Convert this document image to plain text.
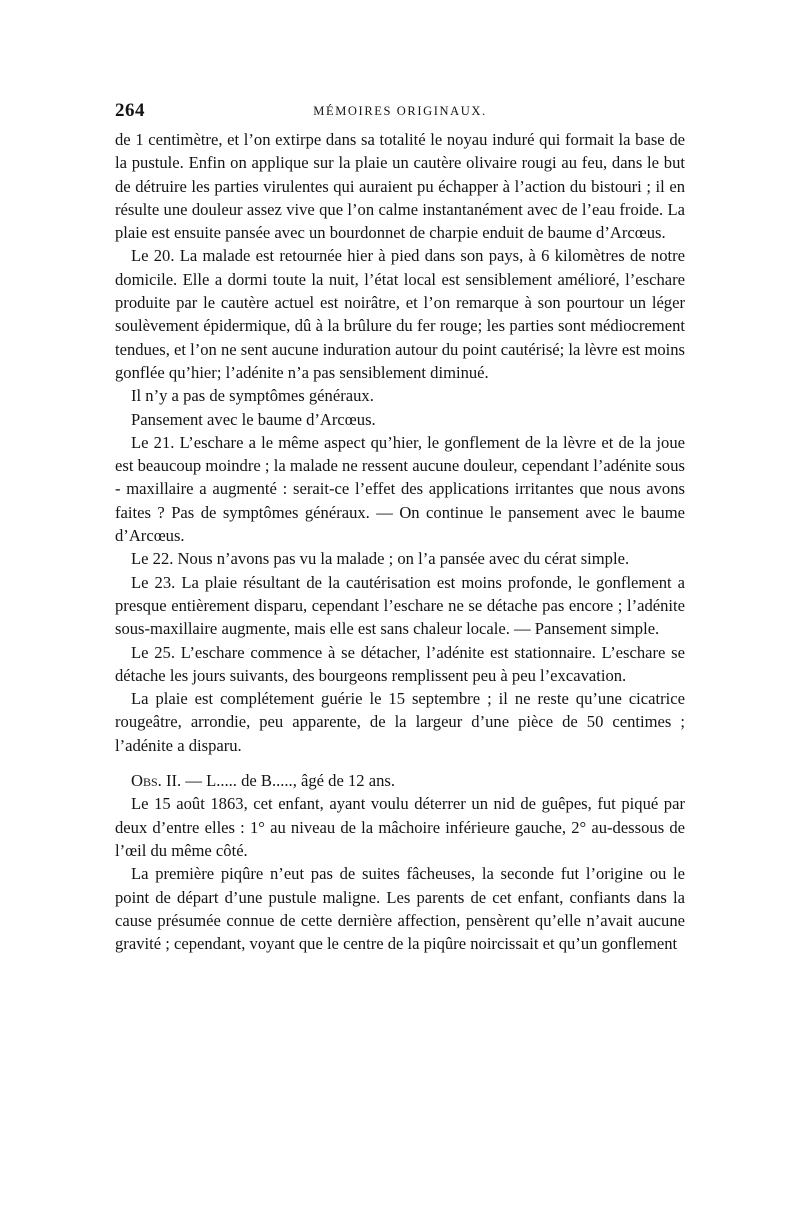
264	MÉMOIRES ORIGINAUX.

de 1 centimètre, et l’on extirpe dans sa totalité le noyau induré qui formait la base de la pustule. Enfin on applique sur la plaie un cautère olivaire rougi au feu, dans le but de détruire les parties virulentes qui auraient pu échapper à l’action du bistouri ; il en résulte une douleur assez vive que l’on calme instantanément avec de l’eau froide. La plaie est ensuite pansée avec un bourdonnet de charpie enduit de baume d’Arcœus.

Le 20. La malade est retournée hier à pied dans son pays, à 6 kilomètres de notre domicile. Elle a dormi toute la nuit, l’état local est sensiblement amélioré, l’eschare produite par le cautère actuel est noirâtre, et l’on remarque à son pourtour un léger soulèvement épidermique, dû à la brûlure du fer rouge; les parties sont médiocrement tendues, et l’on ne sent aucune induration autour du point cautérisé; la lèvre est moins gonflée qu’hier; l’adénite n’a pas sensiblement diminué.

Il n’y a pas de symptômes généraux.

Pansement avec le baume d’Arcœus.

Le 21. L’eschare a le même aspect qu’hier, le gonflement de la lèvre et de la joue est beaucoup moindre ; la malade ne ressent aucune douleur, cependant l’adénite sous - maxillaire a augmenté : serait-ce l’effet des applications irritantes que nous avons faites ? Pas de symptômes généraux. — On continue le pansement avec le baume d’Arcœus.

Le 22. Nous n’avons pas vu la malade ; on l’a pansée avec du cérat simple.

Le 23. La plaie résultant de la cautérisation est moins profonde, le gonflement a presque entièrement disparu, cependant l’eschare ne se détache pas encore ; l’adénite sous-maxillaire augmente, mais elle est sans chaleur locale. — Pansement simple.

Le 25. L’eschare commence à se détacher, l’adénite est stationnaire. L’eschare se détache les jours suivants, des bourgeons remplissent peu à peu l’excavation.

La plaie est complétement guérie le 15 septembre ; il ne reste qu’une cicatrice rougeâtre, arrondie, peu apparente, de la largeur d’une pièce de 50 centimes ; l’adénite a disparu.

Obs. II. — L..... de B....., âgé de 12 ans.

Le 15 août 1863, cet enfant, ayant voulu déterrer un nid de guêpes, fut piqué par deux d’entre elles : 1° au niveau de la mâchoire inférieure gauche, 2° au-dessous de l’œil du même côté.

La première piqûre n’eut pas de suites fâcheuses, la seconde fut l’origine ou le point de départ d’une pustule maligne. Les parents de cet enfant, confiants dans la cause présumée connue de cette dernière affection, pensèrent qu’elle n’avait aucune gravité ; cependant, voyant que le centre de la piqûre noircissait et qu’un gonflement
